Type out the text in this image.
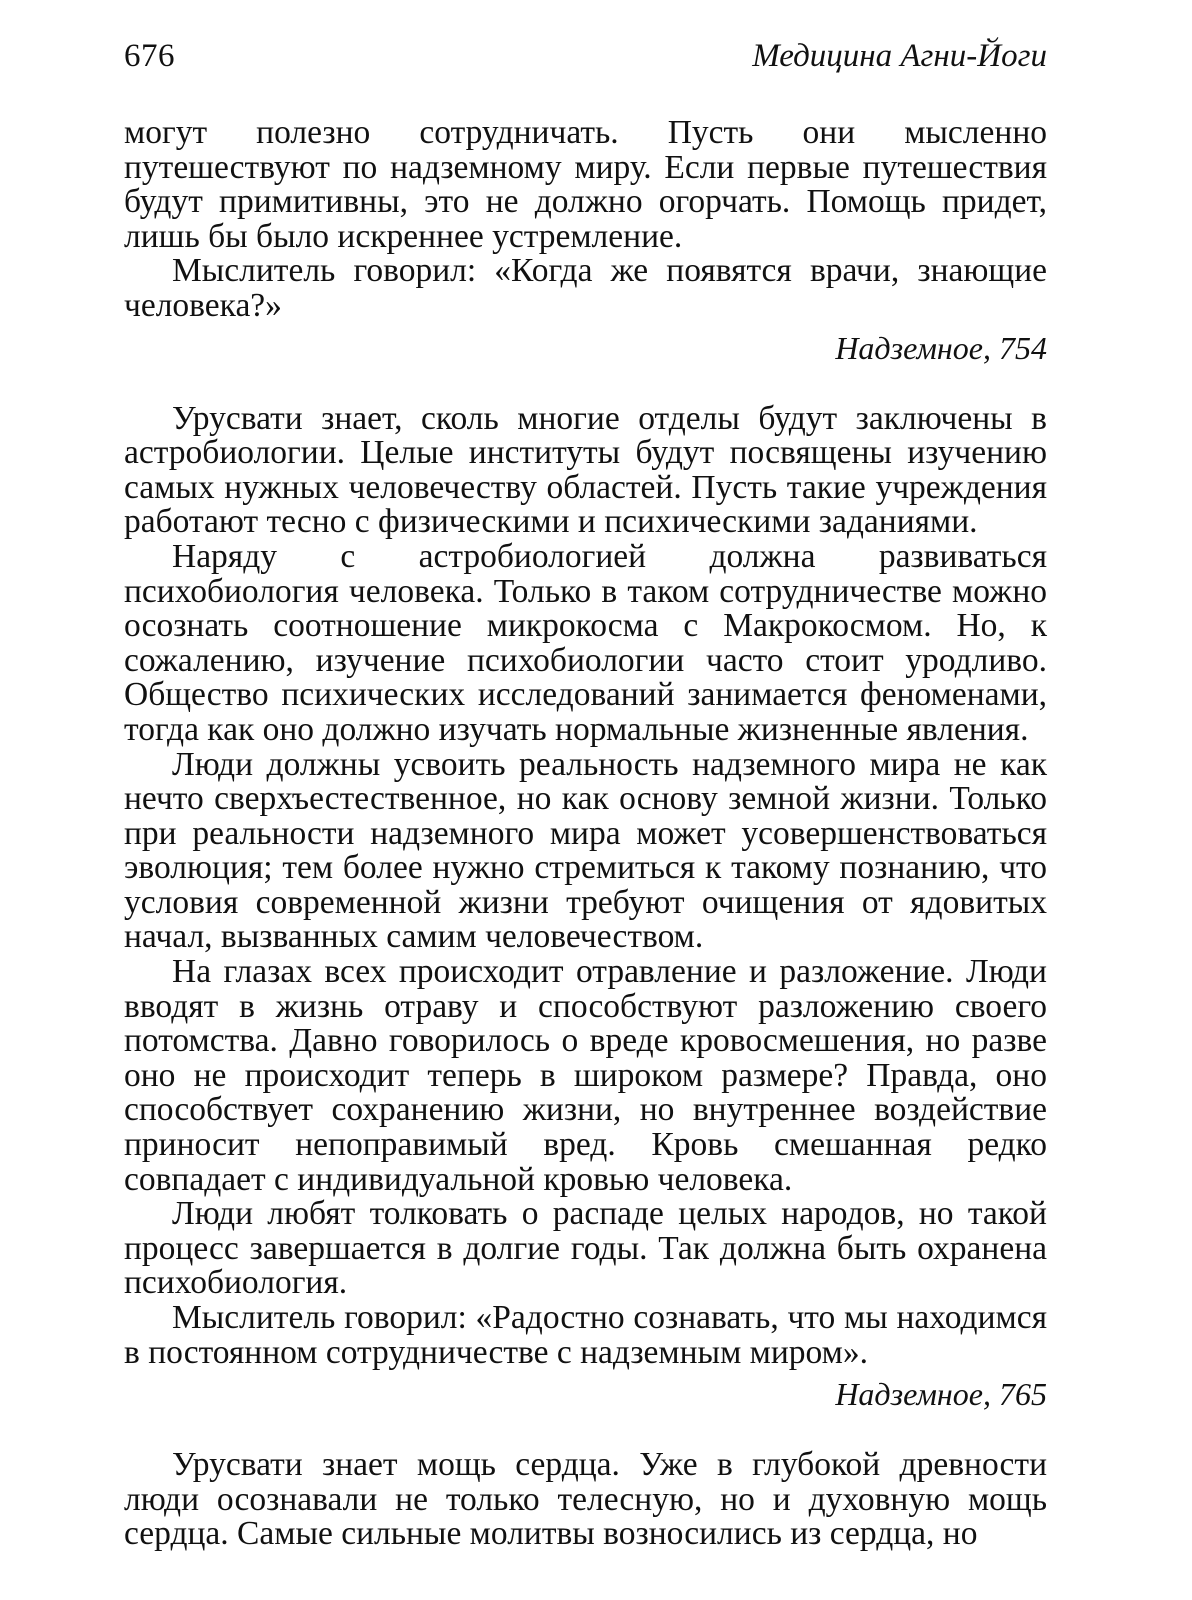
676	Медицина Агни-Йоги

могут полезно сотрудничать. Пусть они мысленно путешествуют по надземному миру. Если первые путешествия будут примитивны, это не должно огорчать. Помощь придет, лишь бы было искреннее устремление.

Мыслитель говорил: «Когда же появятся врачи, знающие человека?»

Надземное, 754

Урусвати знает, сколь многие отделы будут заключены в астробиологии. Целые институты будут посвящены изучению самых нужных человечеству областей. Пусть такие учреждения работают тесно с физическими и психическими заданиями.

Наряду с астробиологией должна развиваться психобиология человека. Только в таком сотрудничестве можно осознать соотношение микрокосма с Макрокосмом. Но, к сожалению, изучение психобиологии часто стоит уродливо. Общество психических исследований занимается феноменами, тогда как оно должно изучать нормальные жизненные явления.

Люди должны усвоить реальность надземного мира не как нечто сверхъестественное, но как основу земной жизни. Только при реальности надземного мира может усовершенствоваться эволюция; тем более нужно стремиться к такому познанию, что условия современной жизни требуют очищения от ядовитых начал, вызванных самим человечеством.

На глазах всех происходит отравление и разложение. Люди вводят в жизнь отраву и способствуют разложению своего потомства. Давно говорилось о вреде кровосмешения, но разве оно не происходит теперь в широком размере? Правда, оно способствует сохранению жизни, но внутреннее воздействие приносит непоправимый вред. Кровь смешанная редко совпадает с индивидуальной кровью человека.

Люди любят толковать о распаде целых народов, но такой процесс завершается в долгие годы. Так должна быть охранена психобиология.

Мыслитель говорил: «Радостно сознавать, что мы находимся в постоянном сотрудничестве с надземным миром».

Надземное, 765

Урусвати знает мощь сердца. Уже в глубокой древности люди осознавали не только телесную, но и духовную мощь сердца. Самые сильные молитвы возносились из сердца, но
